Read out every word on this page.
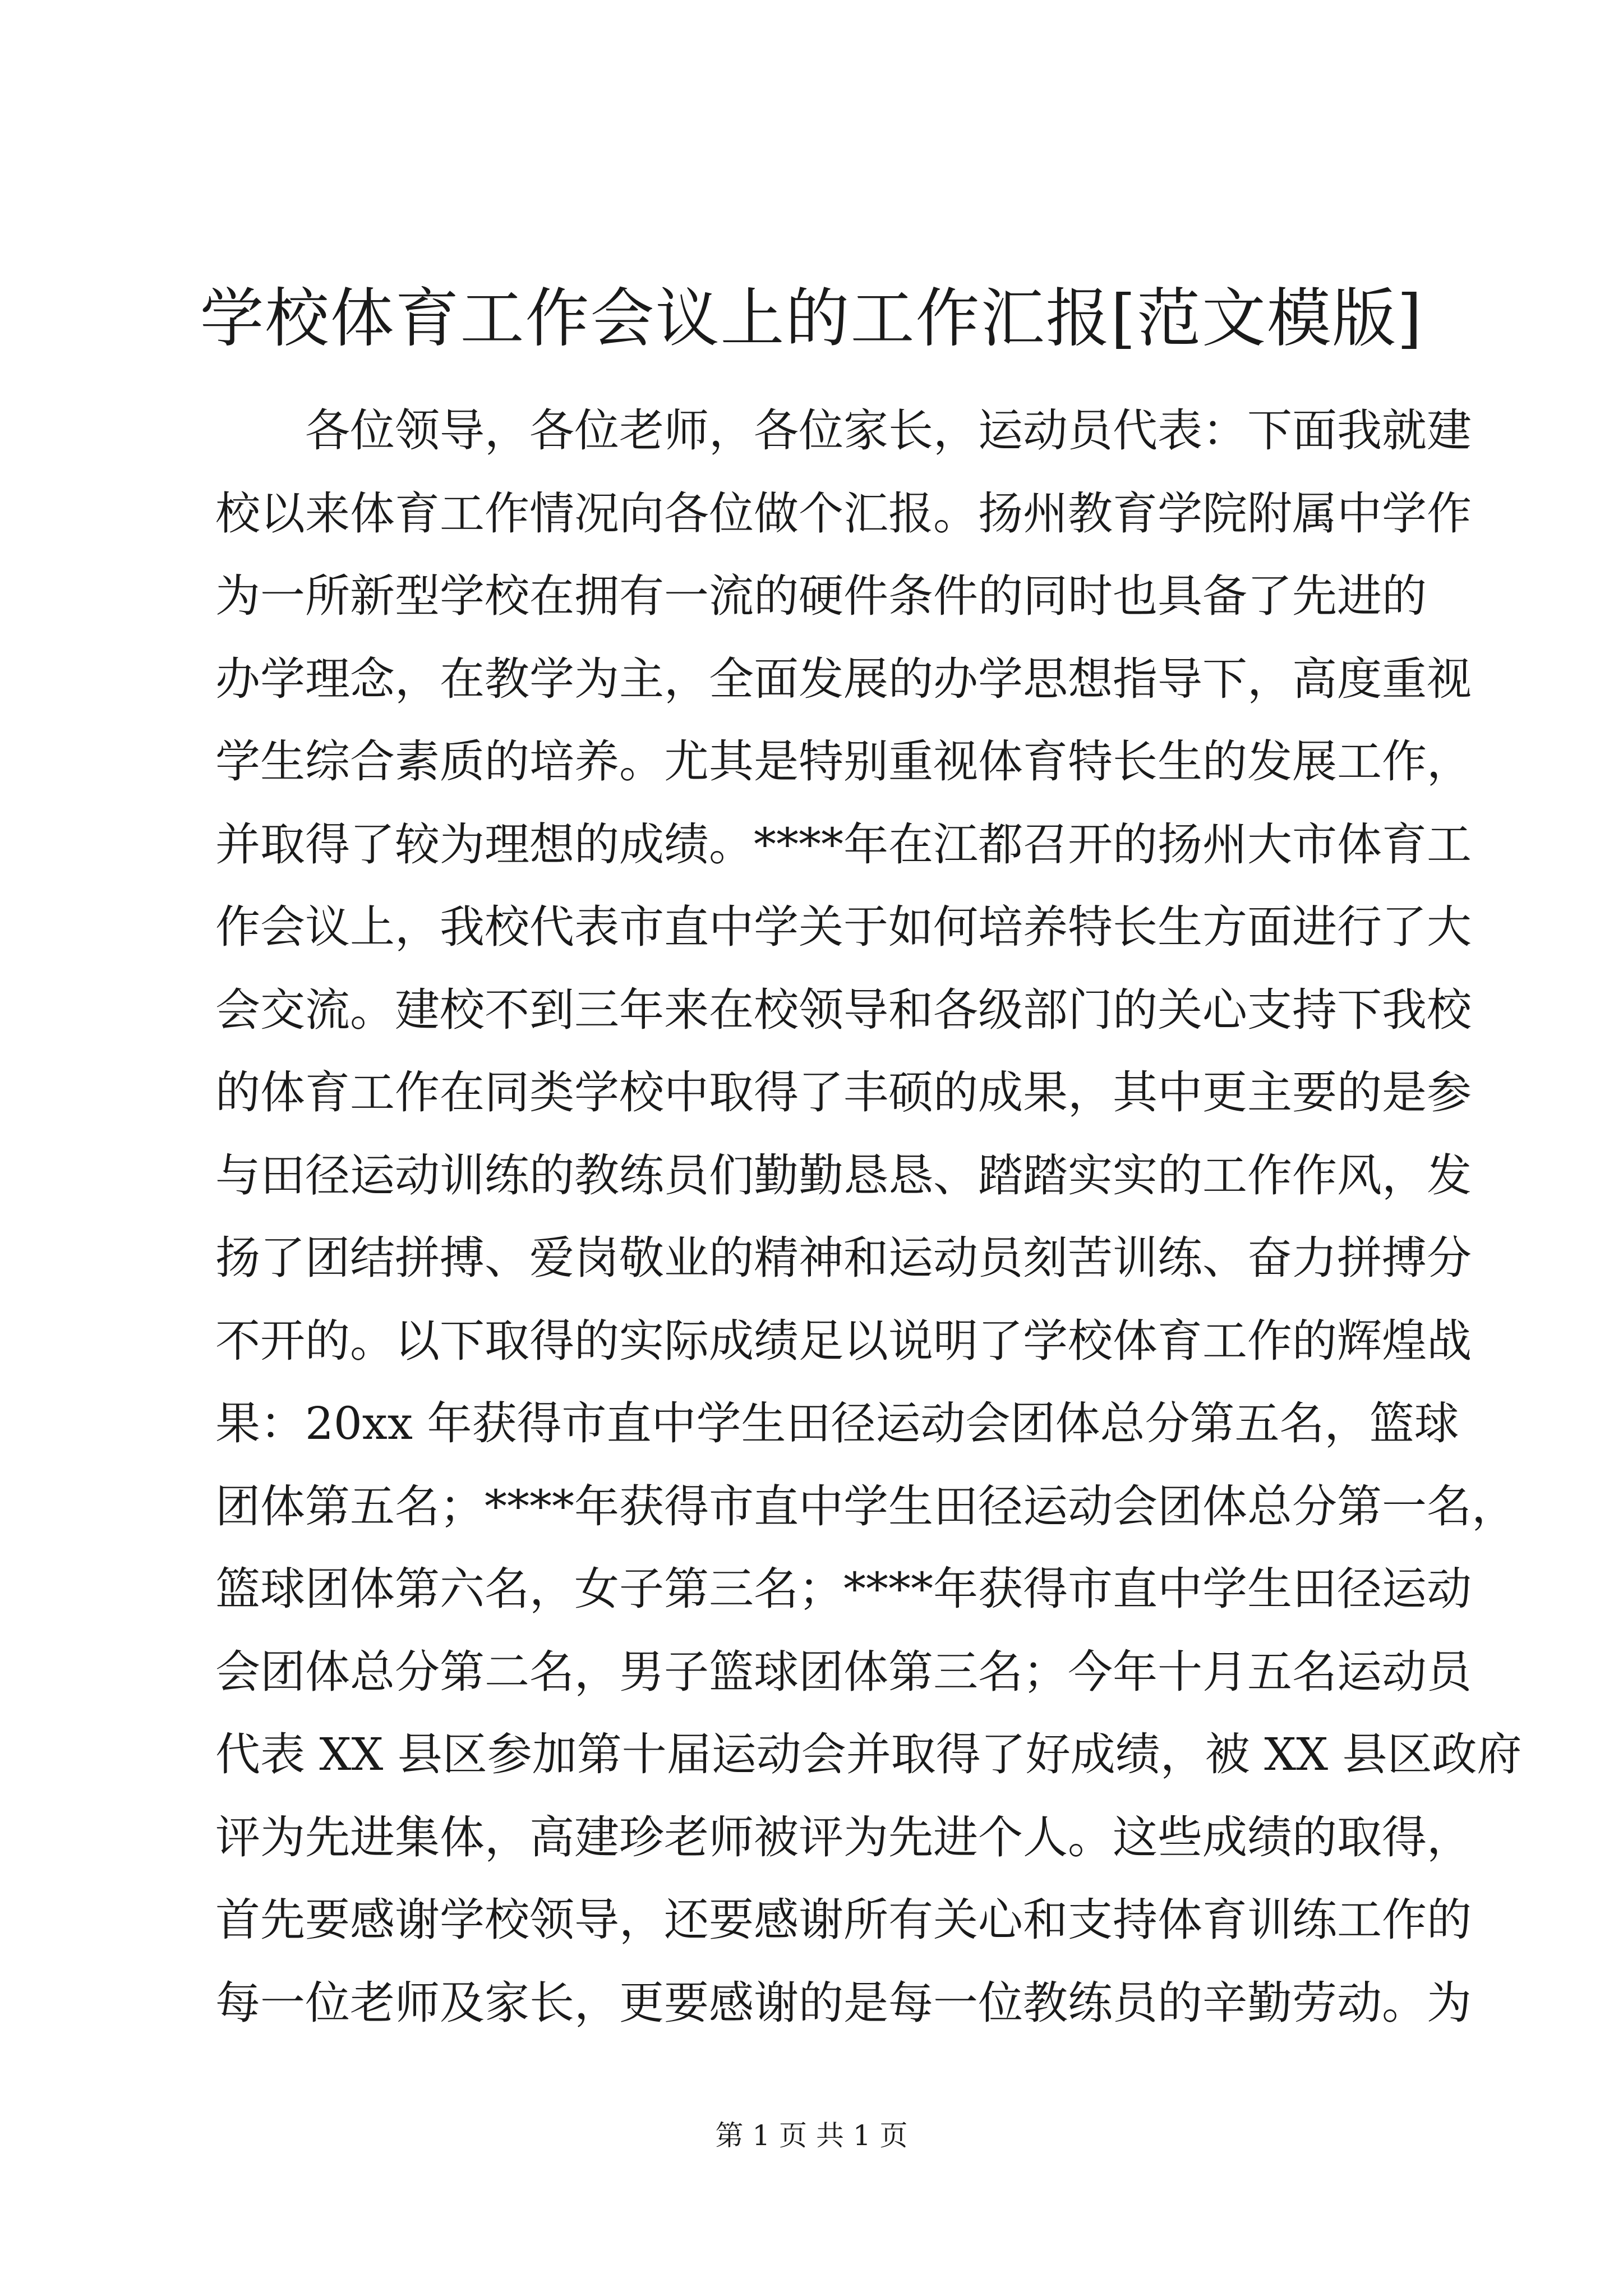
学校体育工作会议上的工作汇报[范文模版]
各位领导，各位老师，各位家长，运动员代表：下面我就建
校以来体育工作情况向各位做个汇报。扬州教育学院附属中学作
为一所新型学校在拥有一流的硬件条件的同时也具备了先进的
办学理念，在教学为主，全面发展的办学思想指导下，高度重视
学生综合素质的培养。尤其是特别重视体育特长生的发展工作，
并取得了较为理想的成绩。****年在江都召开的扬州大市体育工
作会议上，我校代表市直中学关于如何培养特长生方面进行了大
会交流。建校不到三年来在校领导和各级部门的关心支持下我校
的体育工作在同类学校中取得了丰硕的成果，其中更主要的是参
与田径运动训练的教练员们勤勤恳恳、踏踏实实的工作作风，发
扬了团结拼搏、爱岗敬业的精神和运动员刻苦训练、奋力拼搏分
不开的。以下取得的实际成绩足以说明了学校体育工作的辉煌战
果：20xx 年获得市直中学生田径运动会团体总分第五名，篮球
团体第五名；****年获得市直中学生田径运动会团体总分第一名，
篮球团体第六名，女子第三名；****年获得市直中学生田径运动
会团体总分第二名，男子篮球团体第三名；今年十月五名运动员
代表 XX 县区参加第十届运动会并取得了好成绩，被 XX 县区政府
评为先进集体，高建珍老师被评为先进个人。这些成绩的取得，
首先要感谢学校领导，还要感谢所有关心和支持体育训练工作的
每一位老师及家长，更要感谢的是每一位教练员的辛勤劳动。为
第 1 页 共 1 页
